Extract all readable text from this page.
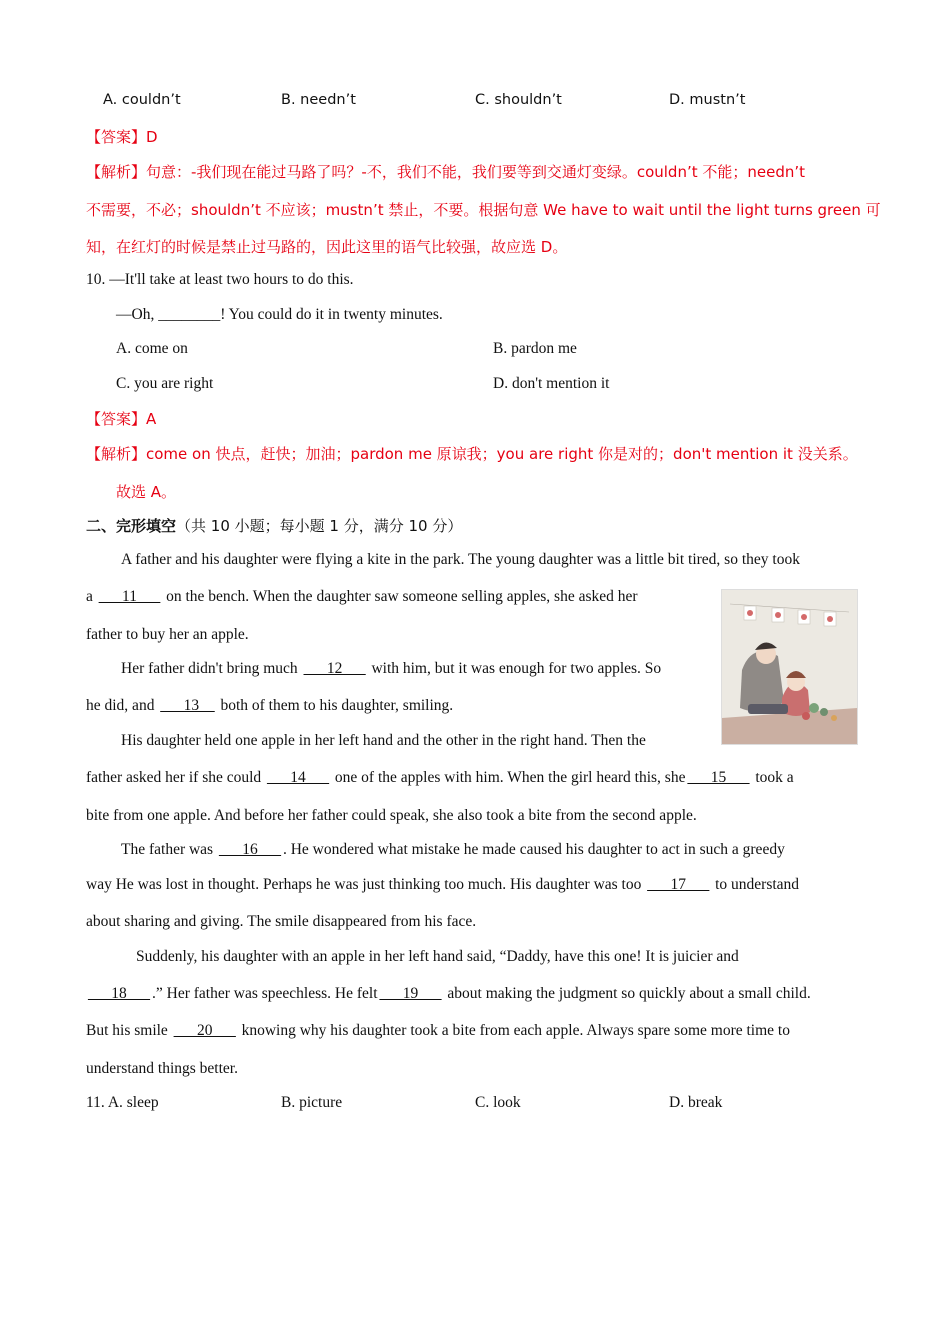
A. couldn’t	B. needn’t	C. shouldn’t	D. mustn’t
【答案】D
【解析】句意：-我们现在能过马路了吗？-不，我们不能，我们要等到交通灯变绿。couldn’t 不能；needn’t
不需要，不必；shouldn’t 不应该；mustn’t 禁止，不要。根据句意 We have to wait until the light turns green 可
知，在红灯的时候是禁止过马路的，因此这里的语气比较强，故应选 D。
10. —It'll take at least two hours to do this.
—Oh, ________! You could do it in twenty minutes.
A. come on	B. pardon me
C. you are right	D. don't mention it
【答案】A
【解析】come on 快点，赶快；加油；pardon me 原谅我；you are right 你是对的；don't mention it 没关系。
故选 A。
二、完形填空（共 10 小题；每小题 1 分，满分 10 分）
A father and his daughter were flying a kite in the park. The young daughter was a little bit tired, so they took
a ___11___ on the bench. When the daughter saw someone selling apples, she asked her
father to buy her an apple.
Her father didn't bring much ___12___ with him, but it was enough for two apples. So
he did, and ___13__ both of them to his daughter, smiling.
His daughter held one apple in her left hand and the other in the right hand. Then the
father asked her if she could ___14___ one of the apples with him. When the girl heard this, she ___15___ took a
bite from one apple. And before her father could speak, she also took a bite from the second apple.
The father was ___16___ . He wondered what mistake he made caused his daughter to act in such a greedy
way He was lost in thought. Perhaps he was just thinking too much. His daughter was too ___17___ to understand
about sharing and giving. The smile disappeared from his face.
Suddenly, his daughter with an apple in her left hand said, “Daddy, have this one! It is juicier and
___18___ .” Her father was speechless. He felt ___19___ about making the judgment so quickly about a small child.
But his smile ___20___ knowing why his daughter took a bite from each apple. Always spare some more time to
understand things better.
11. A. sleep	B. picture	C. look	D. break
